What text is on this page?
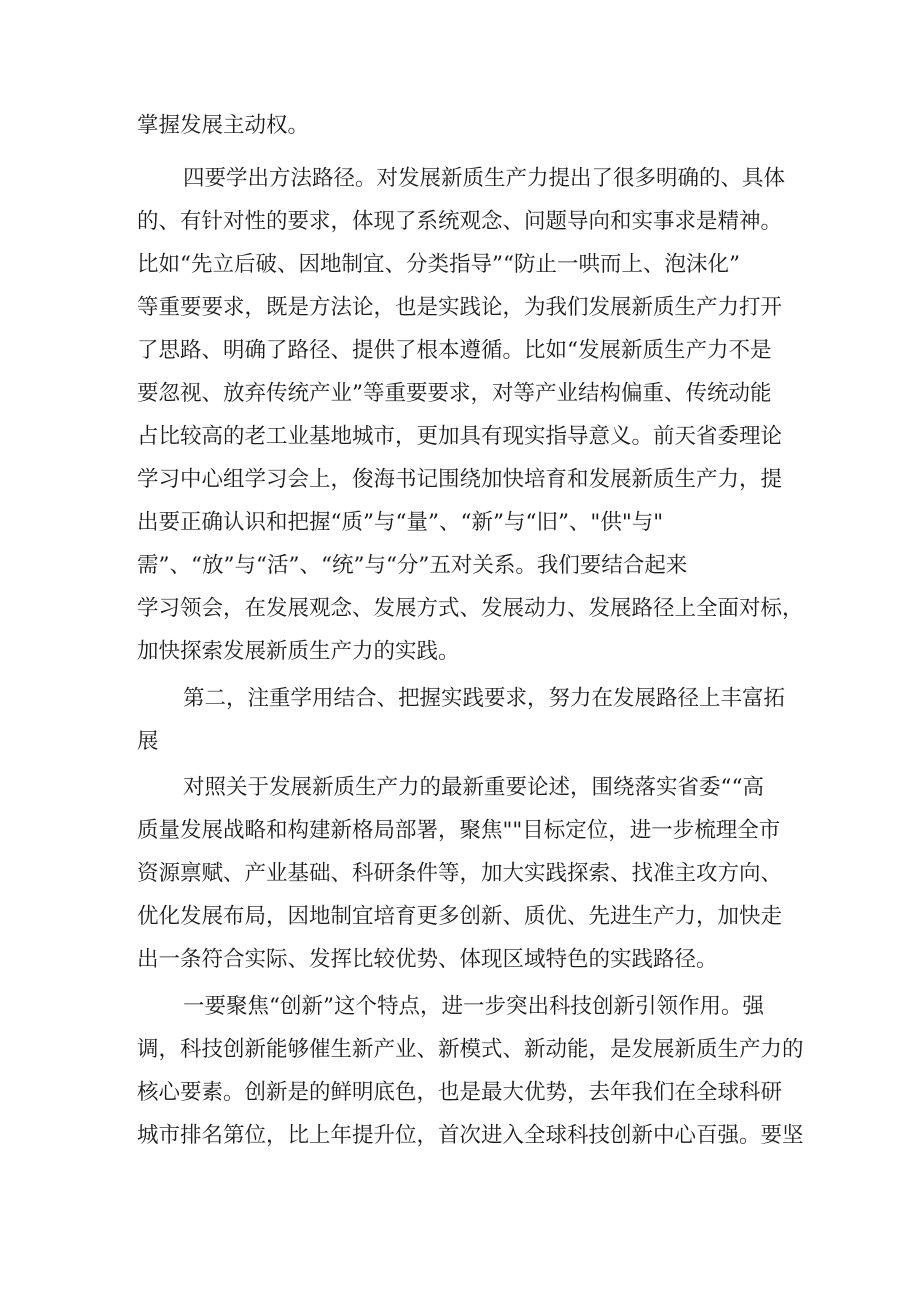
掌握发展主动权。

四要学出方法路径。对发展新质生产力提出了很多明确的、具体

的、有针对性的要求，体现了系统观念、问题导向和实事求是精神。

比如“先立后破、因地制宜、分类指导”“防止一哄而上、泡沫化”

等重要要求，既是方法论，也是实践论，为我们发展新质生产力打开

了思路、明确了路径、提供了根本遵循。比如“发展新质生产力不是

要忽视、放弃传统产业”等重要要求，对等产业结构偏重、传统动能

占比较高的老工业基地城市，更加具有现实指导意义。前天省委理论

学习中心组学习会上，俊海书记围绕加快培育和发展新质生产力，提

出要正确认识和把握“质”与“量”、“新”与“旧”、"供"与"

需”、“放”与“活”、“统”与“分”五对关系。我们要结合起来

学习领会，在发展观念、发展方式、发展动力、发展路径上全面对标，

加快探索发展新质生产力的实践。

第二，注重学用结合、把握实践要求，努力在发展路径上丰富拓

展

对照关于发展新质生产力的最新重要论述，围绕落实省委““高

质量发展战略和构建新格局部署，聚焦""目标定位，进一步梳理全市

资源禀赋、产业基础、科研条件等，加大实践探索、找准主攻方向、

优化发展布局，因地制宜培育更多创新、质优、先进生产力，加快走

出一条符合实际、发挥比较优势、体现区域特色的实践路径。

一要聚焦“创新”这个特点，进一步突出科技创新引领作用。强

调，科技创新能够催生新产业、新模式、新动能，是发展新质生产力的

核心要素。创新是的鲜明底色，也是最大优势，去年我们在全球科研

城市排名第位，比上年提升位，首次进入全球科技创新中心百强。要坚
